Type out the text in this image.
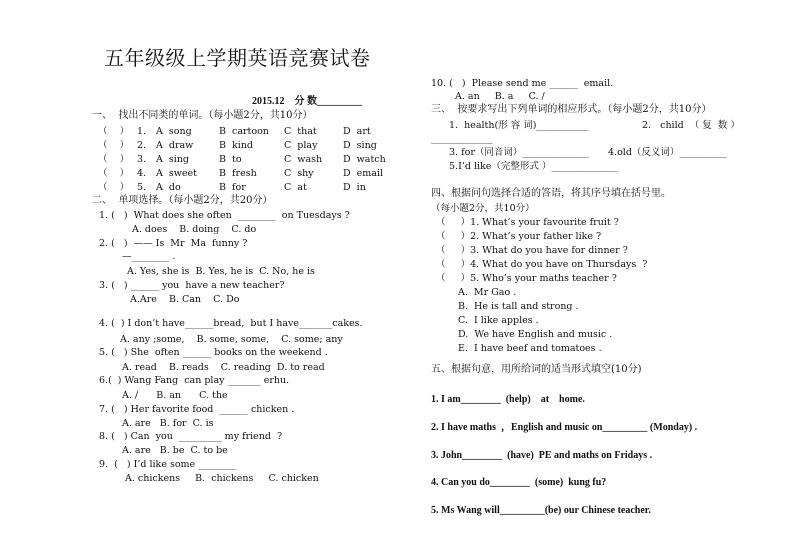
五年级级上学期英语竞赛试卷
2015.12    分 数_________
一、  找出不同类的单词。（每小题2分，共10分）
（    ） 1. A  song	B  cartoon C  that	D  art
（    ） 2. A  draw	B  kind	C  play	D  sing
（    ） 3. A  sing	B  to	C  wash D  watch
（    ） 4. A  sweet B  fresh	C  shy	D  email
（    ） 5. A  do	B  for	C  at	D  in
二、  单项选择。（每小题2分，共20分）
1. (   )  What does she often  ________  on Tuesdays ?
A. does    B. doing    C. do
2. (   )  —— Is  Mr  Ma  funny ?
—________ .
A. Yes, she is  B. Yes, he is  C. No, he is
3. (   ) ______ you  have a new teacher?
A.Are    B. Can    C. Do
4. (  ) I don’t have______bread,  but I have_______cakes.
A. any ;some,    B. some, some,    C. some; any
5. (   ) She  often ______ books on the weekend .
A. read    B. reads    C. reading  D. to read
6.(  ) Wang Fang  can play _______ erhu.
A. /      B. an      C. the
7. (   ) Her favorite food  ______ chicken .
A. are   B. for  C. is
8. (   ) Can  you  _________ my friend  ?
A. are   B. be  C. to be
9.  (   ) I’d like some ________
A. chickens     B.  chickens     C. chicken
10. (   )  Please send me ______  email.
A. an     B. a     C. /
三、  按要求写出下列单词的相应形式。（每小题2分，共10分）
1.  health(形 容 词)___________	2.   child  （ 复  数 ）
_____________
3. for（同音词）______________ 4.old（反义词）__________
5.I’d like（完整形式 ）______________
四、根据问句选择合适的答语，将其序号填在括号里。
（每小题2分，共10分）
（     ）1. What’s your favourite fruit ?
（     ）2. What’s your father like ?
（     ）3. What do you have for dinner ?
（     ）4. What do you have on Thursdays  ?
（     ）5. Who’s your maths teacher ?
A.  Mr Gao .
B.  He is tall and strong .
C.  I like apples .
D.  We have English and music .
E.  I have beef and tomatoes .
五、根据句意，用所给词的适当形式填空(10分)
1. I am________  (help)    at    home.
2. I have maths  ，English and music on_________ (Monday) .
3. John________  (have)  PE and maths on Fridays .
4. Can you do________  (some)  kung fu?
5. Ms Wang will_________(be) our Chinese teacher.
